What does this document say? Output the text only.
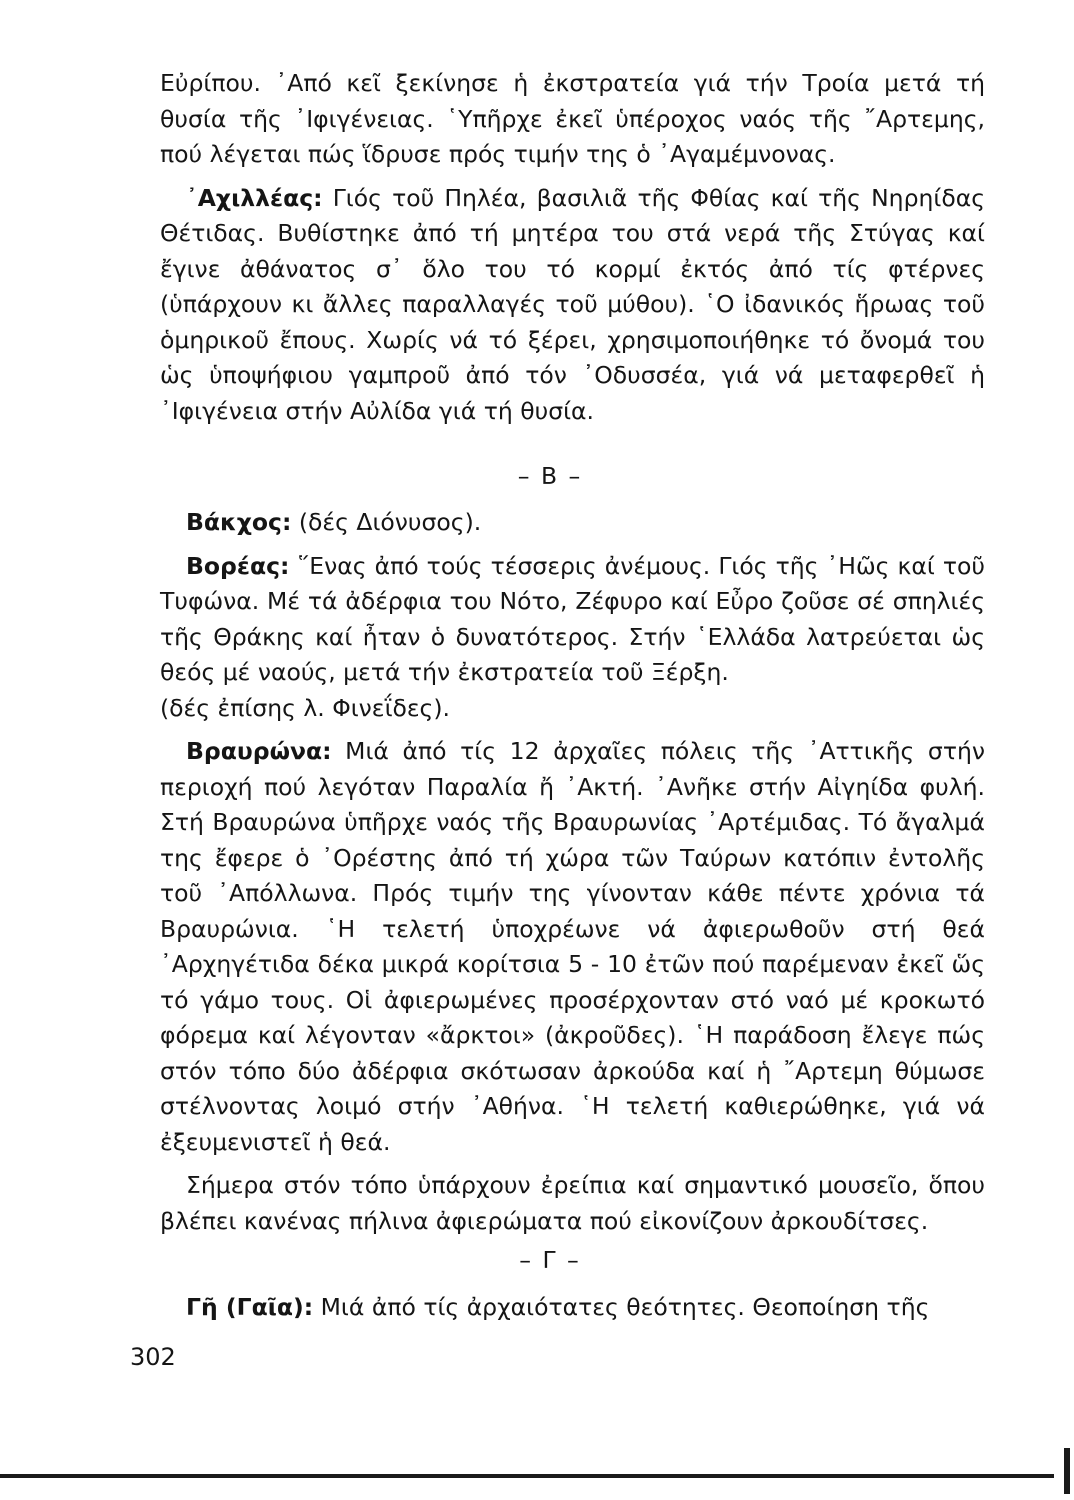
Εὐρίπου. ᾿Από κεῖ ξεκίνησε ἡ ἐκστρατεία γιά τήν Τροία μετά τή θυσία τῆς ᾿Ιφιγένειας. ῾Υπῆρχε ἐκεῖ ὑπέροχος ναός τῆς ῎Αρτεμης, πού λέγεται πώς ἵδρυσε πρός τιμήν της ὁ ᾿Αγαμέμνονας.

᾿Αχιλλέας: Γιός τοῦ Πηλέα, βασιλιᾶ τῆς Φθίας καί τῆς Νηρηίδας Θέτιδας. Βυθίστηκε ἀπό τή μητέρα του στά νερά τῆς Στύγας καί ἔγινε ἀθάνατος σ᾿ ὅλο του τό κορμί ἐκτός ἀπό τίς φτέρνες (ὑπάρχουν κι ἄλλες παραλλαγές τοῦ μύθου). ῾Ο ἰδανικός ἥρωας τοῦ ὁμηρικοῦ ἔπους. Χωρίς νά τό ξέρει, χρησιμοποιήθηκε τό ὄνομά του ὡς ὑποψήφιου γαμπροῦ ἀπό τόν ᾿Οδυσσέα, γιά νά μεταφερθεῖ ἡ ᾿Ιφιγένεια στήν Αὐλίδα γιά τή θυσία.

– Β –

Βάκχος: (δές Διόνυσος).

Βορέας: ῞Ενας ἀπό τούς τέσσερις ἀνέμους. Γιός τῆς ᾿Ηῶς καί τοῦ Τυφώνα. Μέ τά ἀδέρφια του Νότο, Ζέφυρο καί Εὖρο ζοῦσε σέ σπηλιές τῆς Θράκης καί ἦταν ὁ δυνατότερος. Στήν ῾Ελλάδα λατρεύεται ὡς θεός μέ ναούς, μετά τήν ἐκστρατεία τοῦ Ξέρξη.

(δές ἐπίσης λ. Φινεΐδες).

Βραυρώνα: Μιά ἀπό τίς 12 ἀρχαῖες πόλεις τῆς ᾿Αττικῆς στήν περιοχή πού λεγόταν Παραλία ἤ ᾿Ακτή. ᾿Ανῆκε στήν Αἰγηίδα φυλή. Στή Βραυρώνα ὑπῆρχε ναός τῆς Βραυρωνίας ᾿Αρτέμιδας. Τό ἄγαλμά της ἔφερε ὁ ᾿Ορέστης ἀπό τή χώρα τῶν Ταύρων κατόπιν ἐντολῆς τοῦ ᾿Απόλλωνα. Πρός τιμήν της γίνονταν κάθε πέντε χρόνια τά Βραυρώνια. ῾Η τελετή ὑποχρέωνε νά ἀφιερωθοῦν στή θεά ᾿Αρχηγέτιδα δέκα μικρά κορίτσια 5 - 10 ἐτῶν πού παρέμεναν ἐκεῖ ὥς τό γάμο τους. Οἱ ἀφιερωμένες προσέρχονταν στό ναό μέ κροκωτό φόρεμα καί λέγονταν «ἄρκτοι» (ἀκροῦδες). ῾Η παράδοση ἔλεγε πώς στόν τόπο δύο ἀδέρφια σκότωσαν ἀρκούδα καί ἡ ῎Αρτεμη θύμωσε στέλνοντας λοιμό στήν ᾿Αθήνα. ῾Η τελετή καθιερώθηκε, γιά νά ἐξευμενιστεῖ ἡ θεά.

Σήμερα στόν τόπο ὑπάρχουν ἐρείπια καί σημαντικό μουσεῖο, ὅπου βλέπει κανένας πήλινα ἀφιερώματα πού εἰκονίζουν ἀρκουδίτσες.

– Γ –

Γῆ (Γαῖα): Μιά ἀπό τίς ἀρχαιότατες θεότητες. Θεοποίηση τῆς

302
